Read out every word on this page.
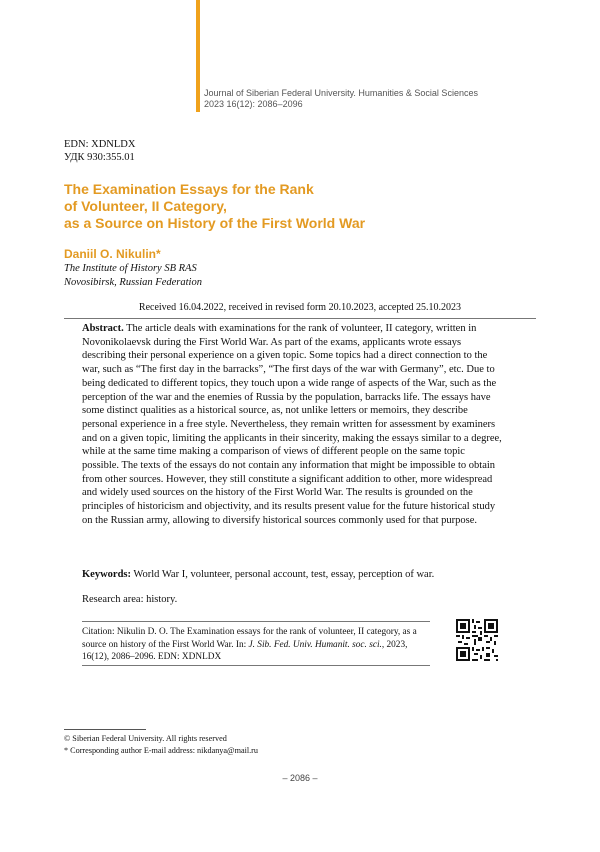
Journal of Siberian Federal University. Humanities & Social Sciences
2023 16(12): 2086–2096
EDN: XDNLDX
УДК 930:355.01
The Examination Essays for the Rank
of Volunteer, II Category,
as a Source on History of the First World War
Daniil O. Nikulin*
The Institute of History SB RAS
Novosibirsk, Russian Federation
Received 16.04.2022, received in revised form 20.10.2023, accepted 25.10.2023
Abstract. The article deals with examinations for the rank of volunteer, II category, written in Novonikolaevsk during the First World War. As part of the exams, applicants wrote essays describing their personal experience on a given topic. Some topics had a direct connection to the war, such as “The first day in the barracks”, “The first days of the war with Germany”, etc. Due to being dedicated to different topics, they touch upon a wide range of aspects of the War, such as the perception of the war and the enemies of Russia by the population, barracks life. The essays have some distinct qualities as a historical source, as, not unlike letters or memoirs, they describe personal experience in a free style. Nevertheless, they remain written for assessment by examiners and on a given topic, limiting the applicants in their sincerity, making the essays similar to a degree, while at the same time making a comparison of views of different people on the same topic possible. The texts of the essays do not contain any information that might be impossible to obtain from other sources. However, they still constitute a significant addition to other, more widespread and widely used sources on the history of the First World War. The results is grounded on the principles of historicism and objectivity, and its results present value for the future historical study on the Russian army, allowing to diversify historical sources commonly used for that purpose.
Keywords: World War I, volunteer, personal account, test, essay, perception of war.
Research area: history.
Citation: Nikulin D. O. The Examination essays for the rank of volunteer, II category, as a source on history of the First World War. In: J. Sib. Fed. Univ. Humanit. soc. sci., 2023, 16(12), 2086–2096. EDN: XDNLDX
© Siberian Federal University. All rights reserved
* Corresponding author E-mail address: nikdanya@mail.ru
– 2086 –
